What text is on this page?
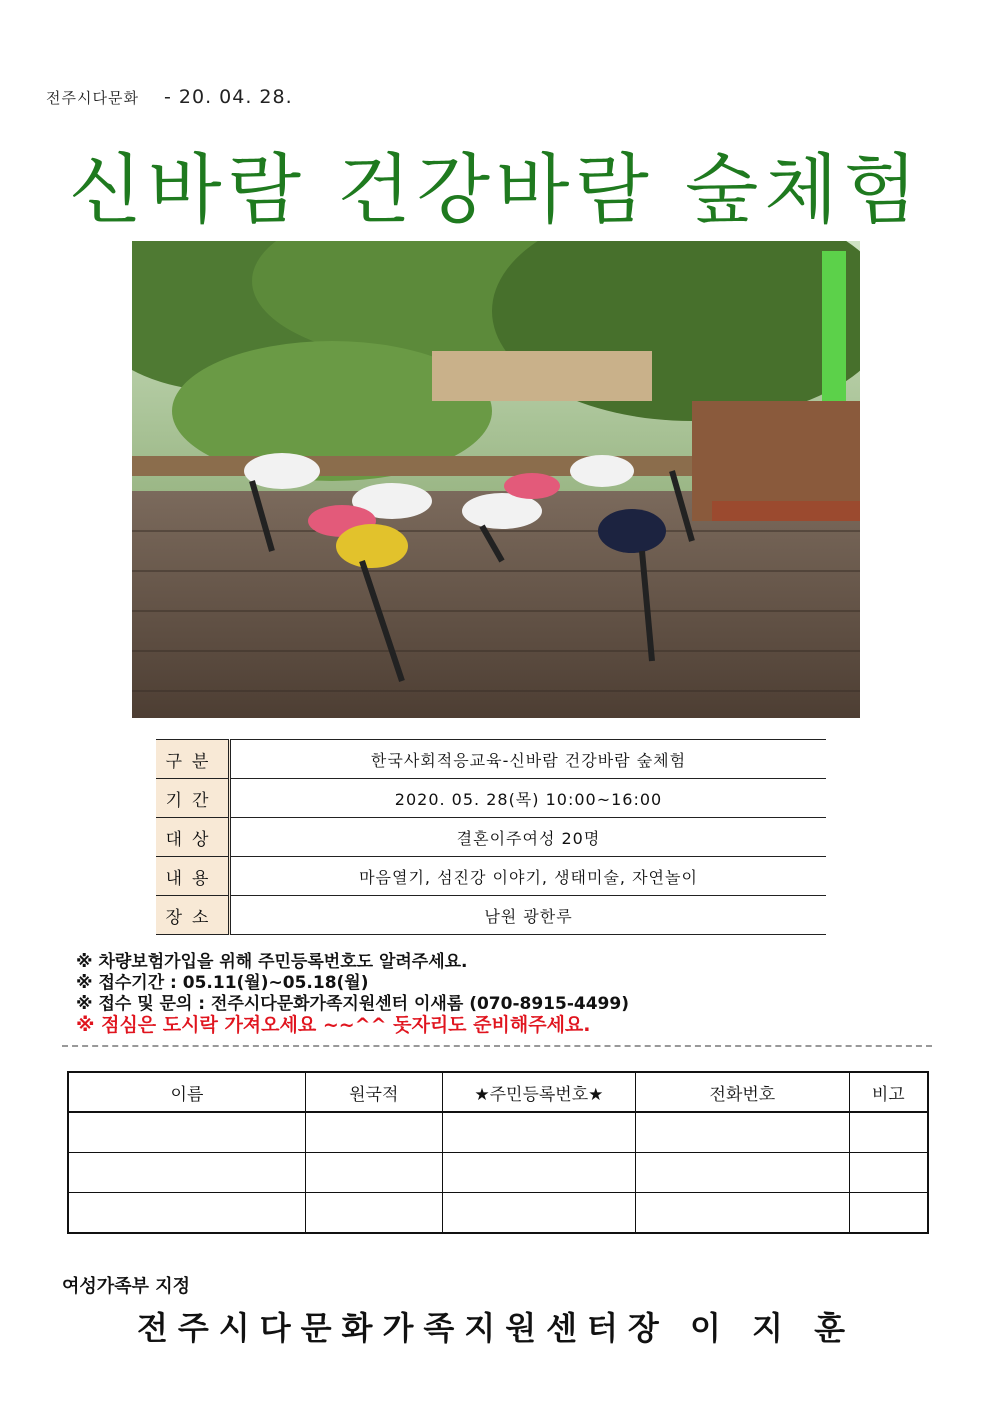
전주시다문화 - 20. 04. 28.
신바람 건강바람 숲체험
구분	한국사회적응교육-신바람 건강바람 숲체험
기간	2020. 05. 28(목) 10:00~16:00
대상	결혼이주여성 20명
내용	마음열기, 섬진강 이야기, 생태미술, 자연놀이
장소	남원 광한루
※ 차량보험가입을 위해 주민등록번호도 알려주세요.
※ 접수기간 : 05.11(월)~05.18(월)
※ 접수 및 문의 : 전주시다문화가족지원센터 이새롬 (070-8915-4499)
※ 점심은 도시락 가져오세요 ~~^^ 돗자리도 준비해주세요.
이름	원국적	★주민등록번호★	전화번호	비고

여성가족부 지정
전주시다문화가족지원센터장 이 지 훈
